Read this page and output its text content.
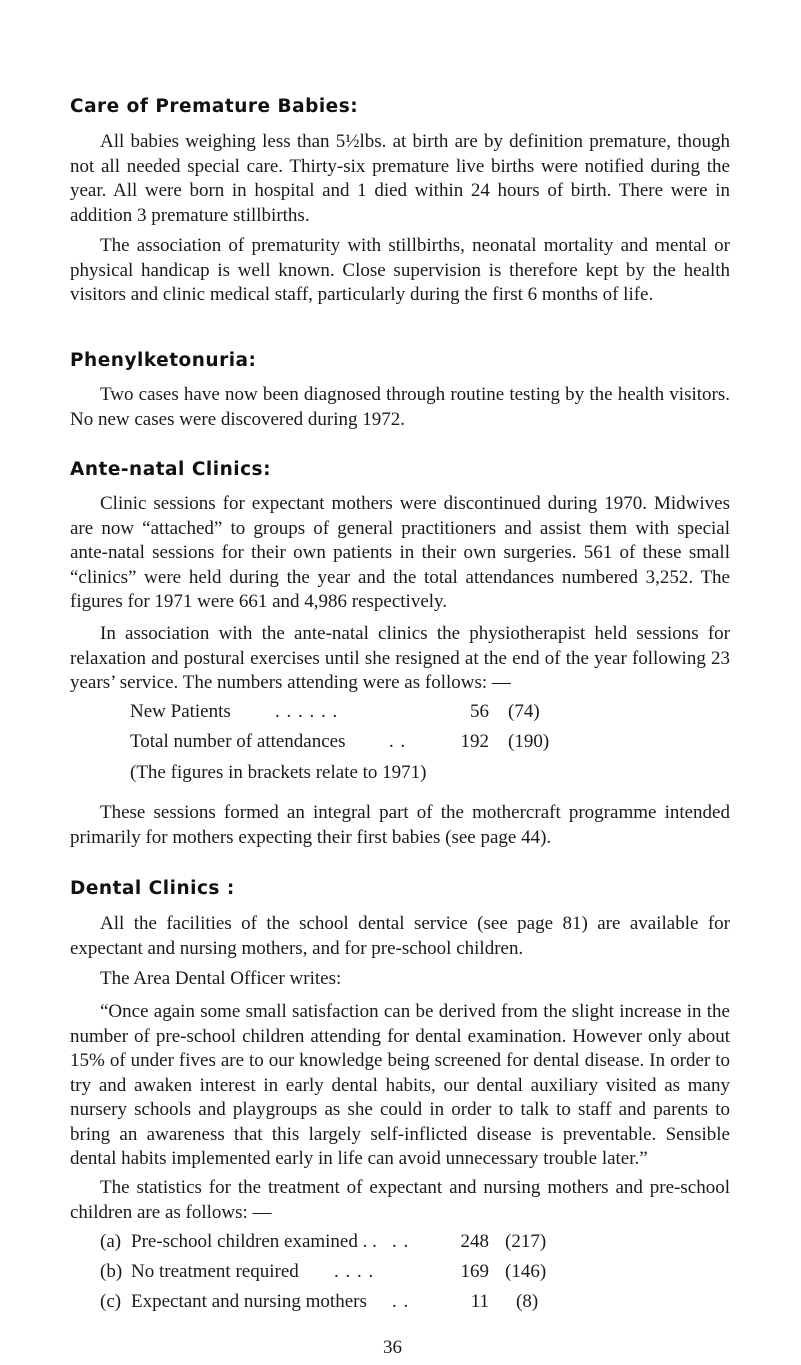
Care of Premature Babies:

All babies weighing less than 5½lbs. at birth are by definition premature, though not all needed special care. Thirty-six premature live births were notified during the year. All were born in hospital and 1 died within 24 hours of birth. There were in addition 3 premature stillbirths.

The association of prematurity with stillbirths, neonatal mortality and mental or physical handicap is well known. Close supervision is therefore kept by the health visitors and clinic medical staff, particularly during the first 6 months of life.

Phenylketonuria:

Two cases have now been diagnosed through routine testing by the health visitors. No new cases were discovered during 1972.

Ante-natal Clinics:

Clinic sessions for expectant mothers were discontinued during 1970. Midwives are now “attached” to groups of general practitioners and assist them with special ante-natal sessions for their own patients in their own surgeries. 561 of these small “clinics” were held during the year and the total attendances numbered 3,252. The figures for 1971 were 661 and 4,986 respectively.

In association with the ante-natal clinics the physiotherapist held sessions for relaxation and postural exercises until she resigned at the end of the year following 23 years’ service. The numbers attending were as follows: —

New Patients . . . . . .	56 (74)
Total number of attendances . .	192 (190)
(The figures in brackets relate to 1971)

These sessions formed an integral part of the mothercraft programme intended primarily for mothers expecting their first babies (see page 44).

Dental Clinics :

All the facilities of the school dental service (see page 81) are available for expectant and nursing mothers, and for pre-school children.

The Area Dental Officer writes:

“Once again some small satisfaction can be derived from the slight increase in the number of pre-school children attending for dental examination. However only about 15% of under fives are to our knowledge being screened for dental disease. In order to try and awaken interest in early dental habits, our dental auxiliary visited as many nursery schools and playgroups as she could in order to talk to staff and parents to bring an awareness that this largely self-inflicted disease is preventable. Sensible dental habits implemented early in life can avoid unnecessary trouble later.”

The statistics for the treatment of expectant and nursing mothers and pre-school children are as follows: —

(a) Pre-school children examined . . . .	248 (217)
(b) No treatment required . . . .	169 (146)
(c) Expectant and nursing mothers . .	11 (8)
36
